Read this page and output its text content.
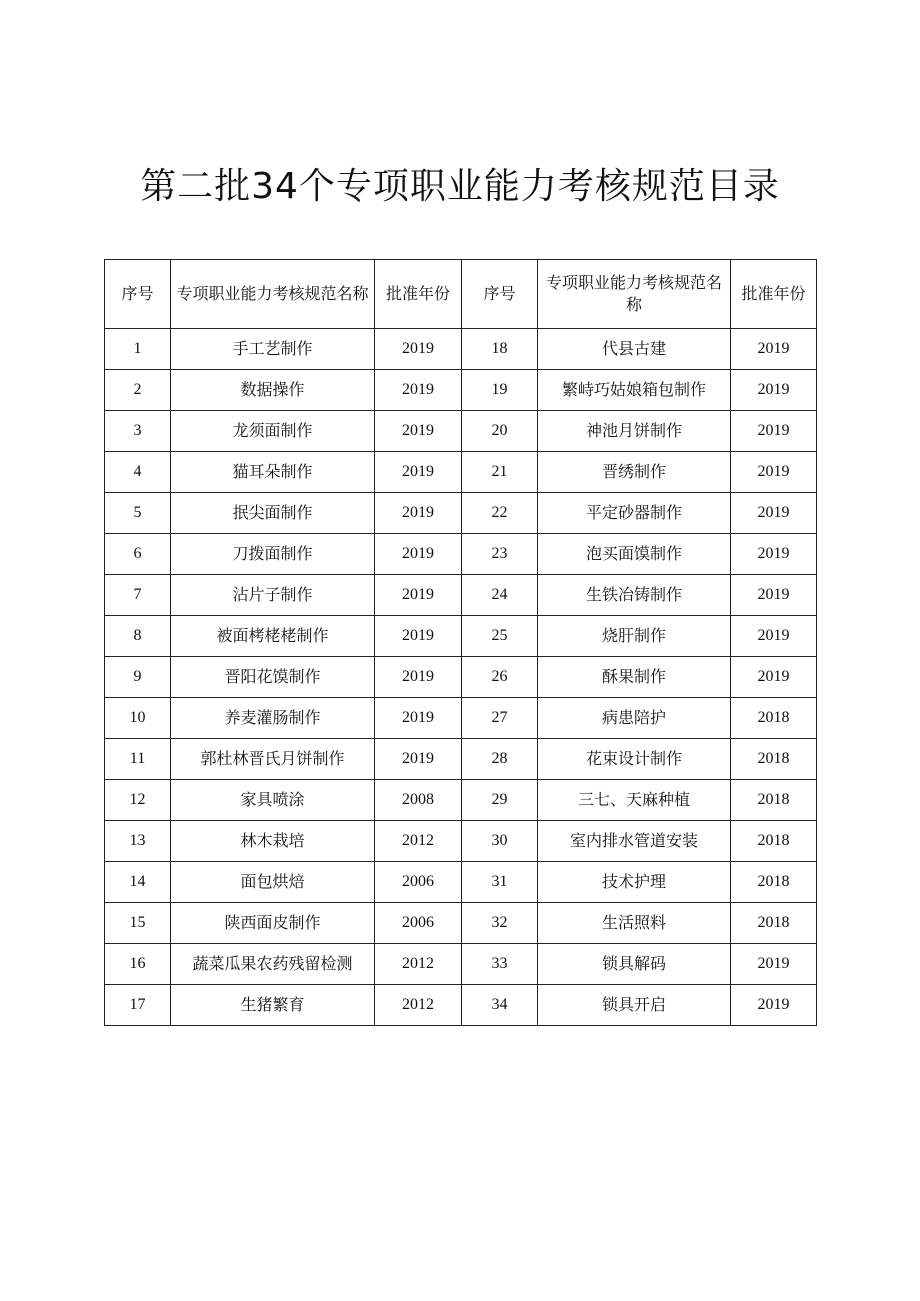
第二批34个专项职业能力考核规范目录
序号	专项职业能力考核规范名称	批准年份	序号	专项职业能力考核规范名称	批准年份
1	手工艺制作	2019	18	代县古建	2019
2	数据操作	2019	19	繁峙巧姑娘箱包制作	2019
3	龙须面制作	2019	20	神池月饼制作	2019
4	猫耳朵制作	2019	21	晋绣制作	2019
5	抿尖面制作	2019	22	平定砂器制作	2019
6	刀拨面制作	2019	23	泡买面馍制作	2019
7	沾片子制作	2019	24	生铁冶铸制作	2019
8	被面栲栳栳制作	2019	25	烧肝制作	2019
9	晋阳花馍制作	2019	26	酥果制作	2019
10	养麦灌肠制作	2019	27	病患陪护	2018
11	郭杜林晋氏月饼制作	2019	28	花束设计制作	2018
12	家具喷涂	2008	29	三七、天麻种植	2018
13	林木栽培	2012	30	室内排水管道安装	2018
14	面包烘焙	2006	31	技术护理	2018
15	陕西面皮制作	2006	32	生活照料	2018
16	蔬菜瓜果农药残留检测	2012	33	锁具解码	2019
17	生猪繁育	2012	34	锁具开启	2019
